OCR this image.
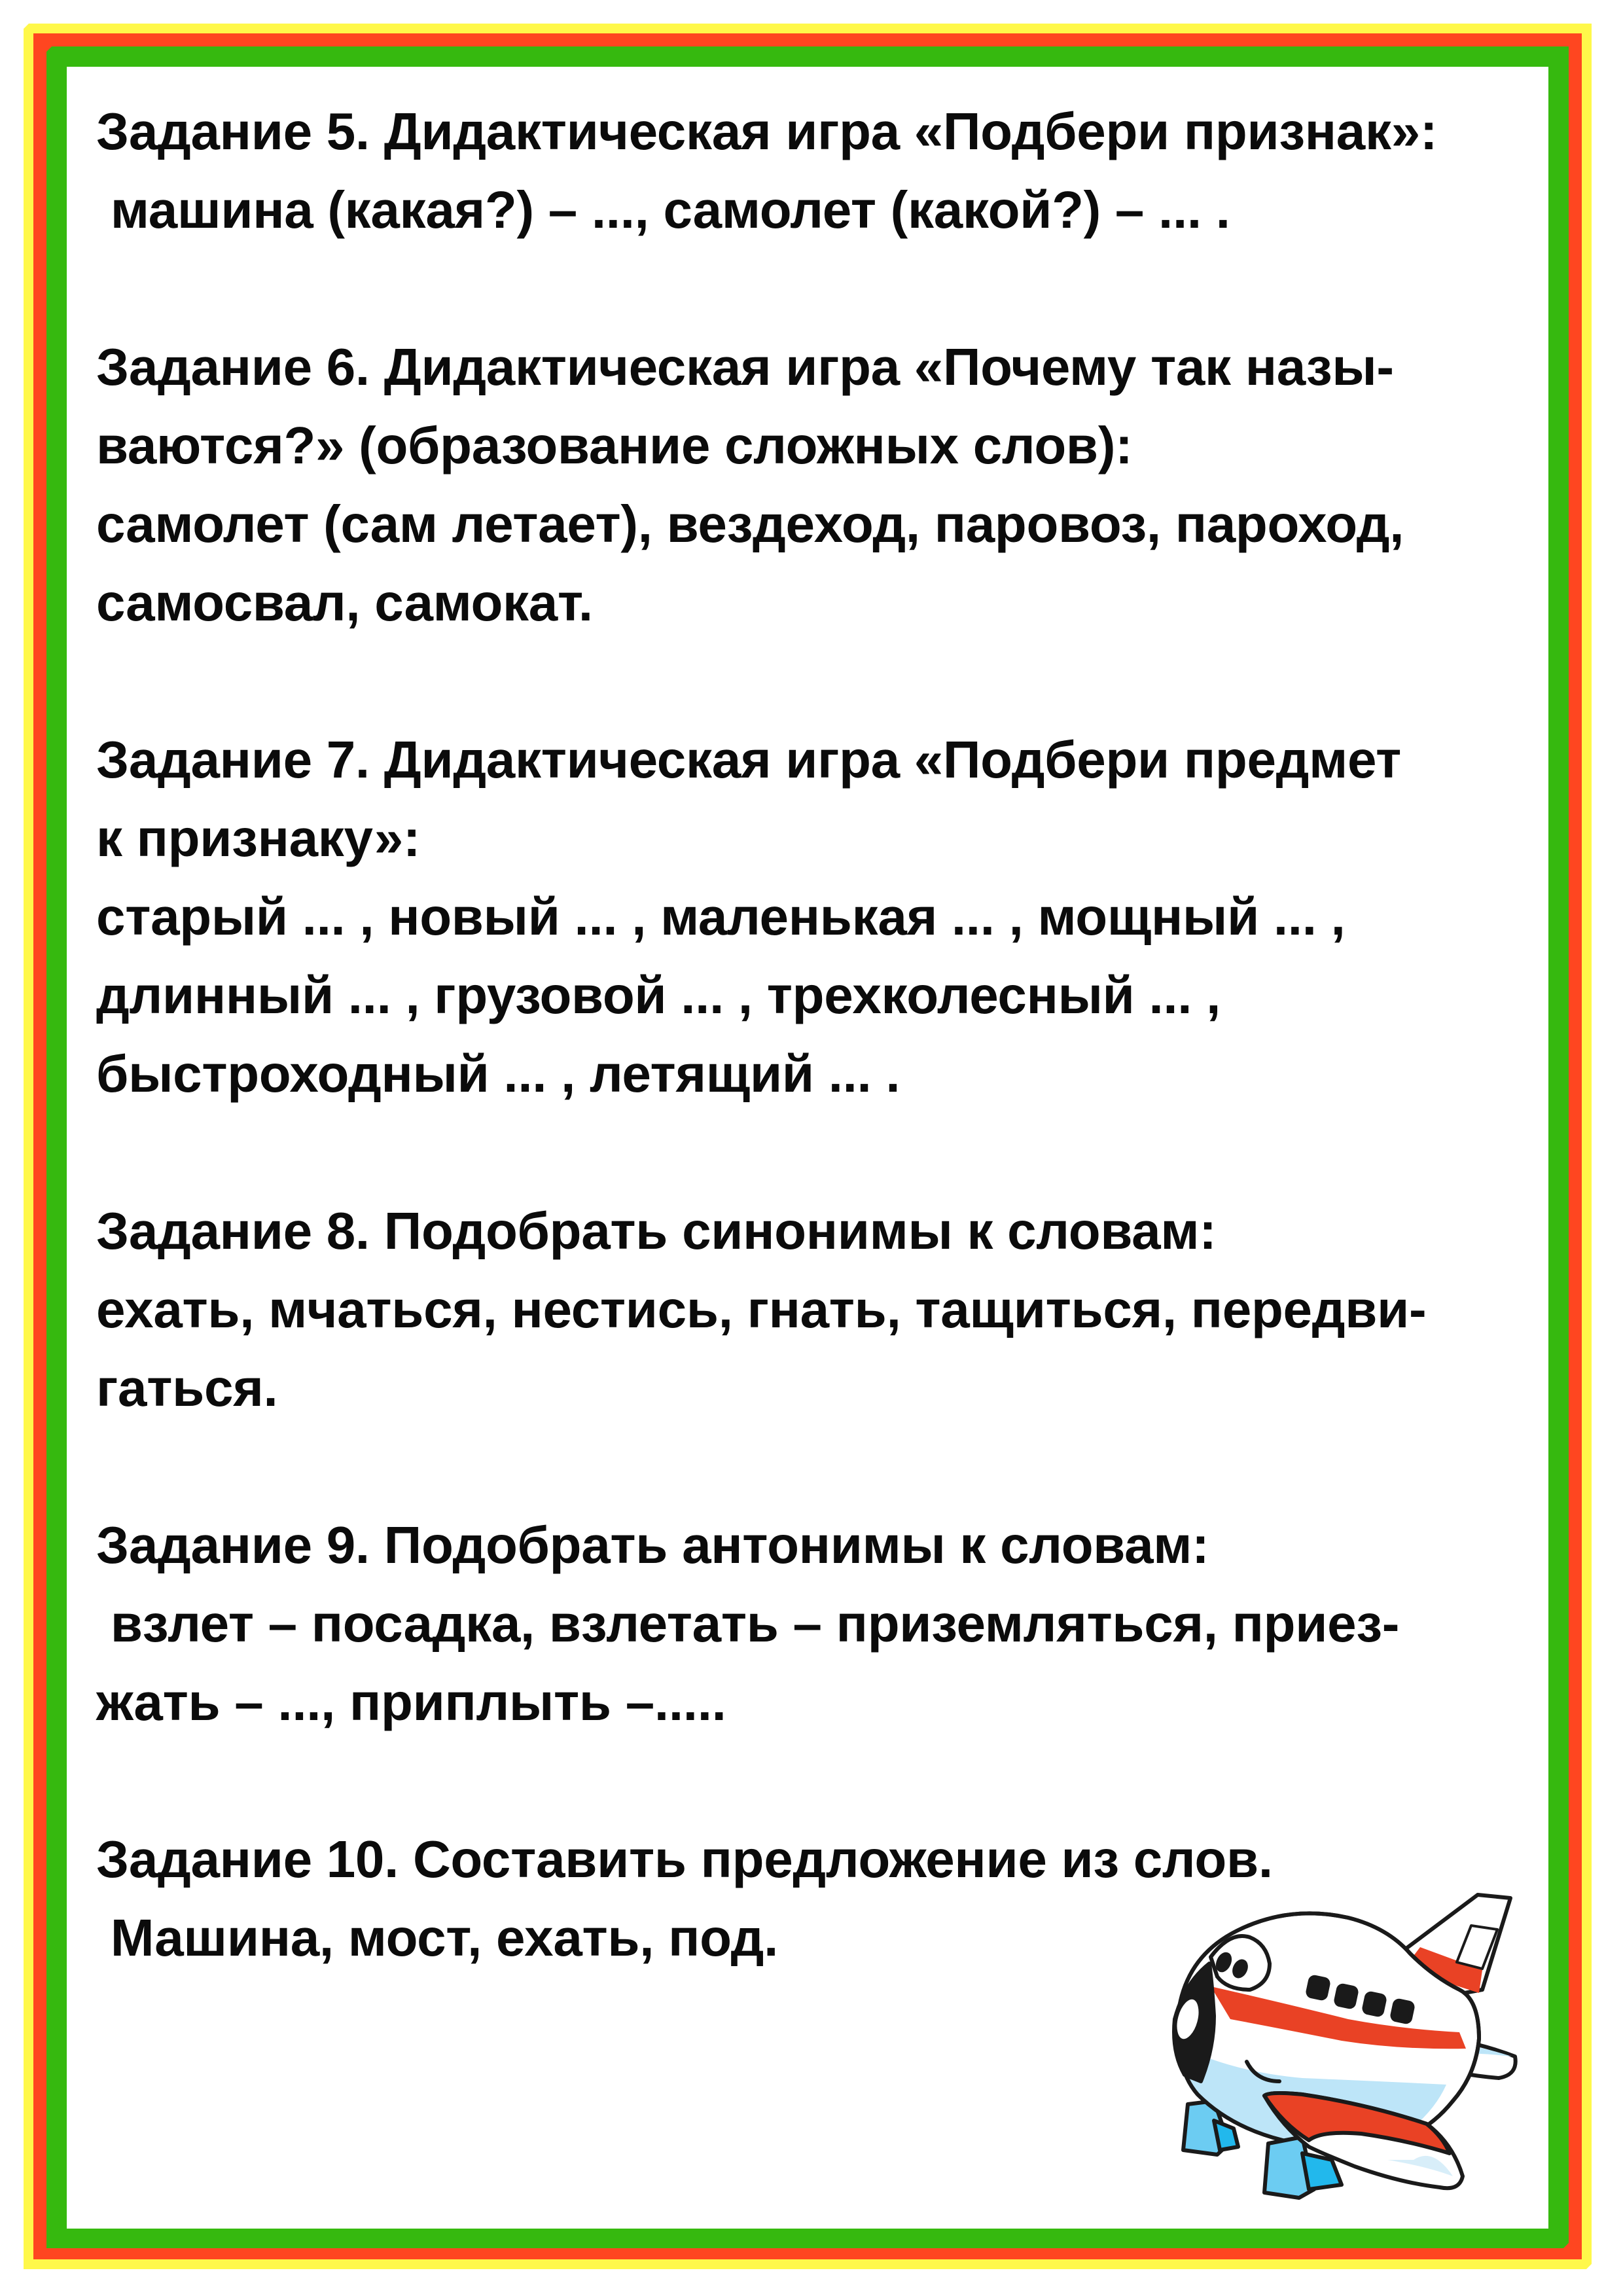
Задание 5. Дидактическая игра «Подбери признак»:
машина (какая?) – ..., самолет (какой?) – ... .
Задание 6. Дидактическая игра «Почему так назы-
ваются?» (образование сложных слов):
самолет (сам летает), вездеход, паровоз, пароход,
самосвал, самокат.
Задание 7. Дидактическая игра «Подбери предмет
к признаку»:
старый ... , новый ... , маленькая ... , мощный ... ,
длинный ... , грузовой ... , трехколесный ... ,
быстроходный ... , летящий ... .
Задание 8. Подобрать синонимы к словам:
ехать, мчаться, нестись, гнать, тащиться, передви-
гаться.
Задание 9. Подобрать антонимы к словам:
взлет – посадка, взлетать – приземляться, приез-
жать – ..., приплыть –.....
Задание 10. Составить предложение из слов.
Машина, мост, ехать, под.
